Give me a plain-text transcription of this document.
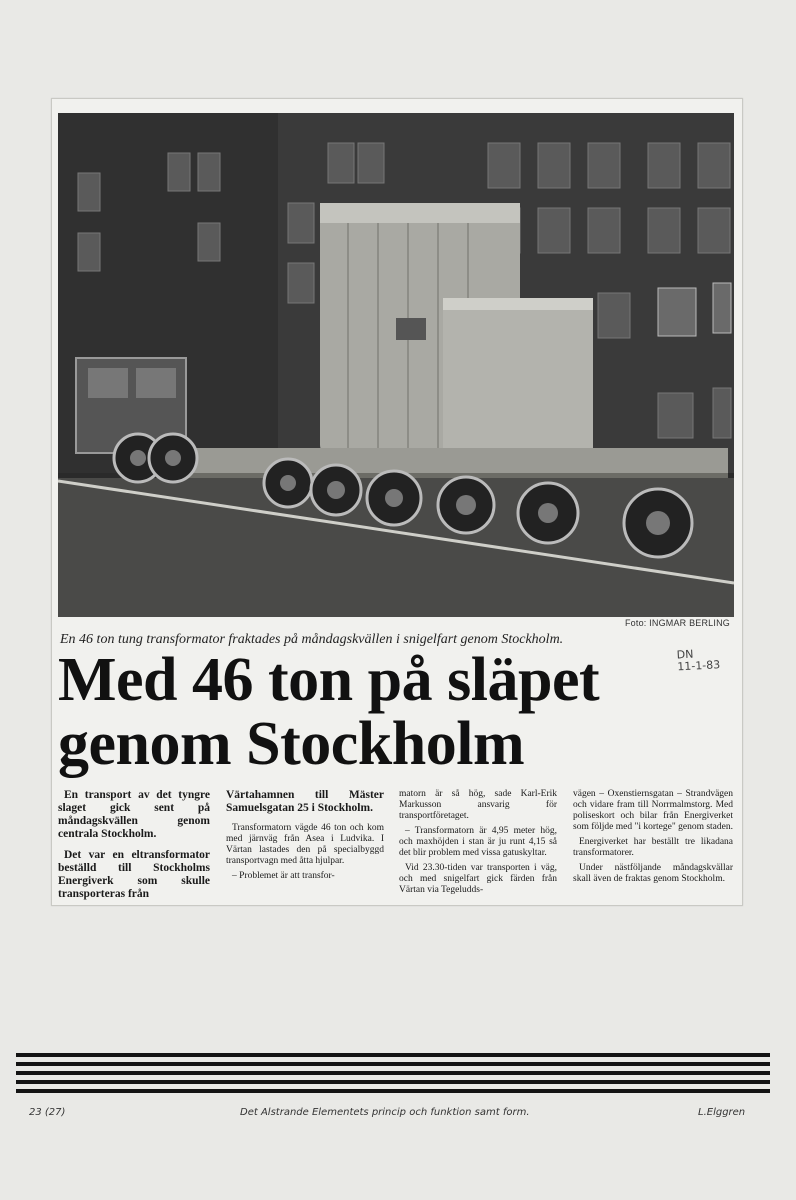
Foto: INGMAR BERLING
En 46 ton tung transformator fraktades på måndagskvällen i snigelfart genom Stockholm.
DN
11-1-83
Med 46 ton på släpet
genom Stockholm

En transport av det tyngre slaget gick sent på måndagskvällen genom centrala Stockholm.

Det var en eltransformator beställd till Stockholms Energiverk som skulle transporteras från

Värtahamnen till Mäster Samuelsgatan 25 i Stockholm.

Transformatorn vägde 46 ton och kom med järnväg från Asea i Ludvika. I Värtan lastades den på specialbyggd transportvagn med åtta hjulpar.

– Problemet är att transfor-

matorn är så hög, sade Karl-Erik Markusson ansvarig för transportföretaget.

– Transformatorn är 4,95 meter hög, och maxhöjden i stan är ju runt 4,15 så det blir problem med vissa gatuskyltar.

Vid 23.30-tiden var transporten i väg, och med snigelfart gick färden från Värtan via Tegeludds-

vägen – Oxenstiernsgatan – Strandvägen och vidare fram till Norrmalmstorg. Med poliseskort och bilar från Energiverket som följde med "i kortege" genom staden.

Energiverket har beställt tre likadana transformatorer.

Under nästföljande måndagskvällar skall även de fraktas genom Stockholm.

23 (27)	Det Alstrande Elementets princip och funktion samt form.	L.Elggren
